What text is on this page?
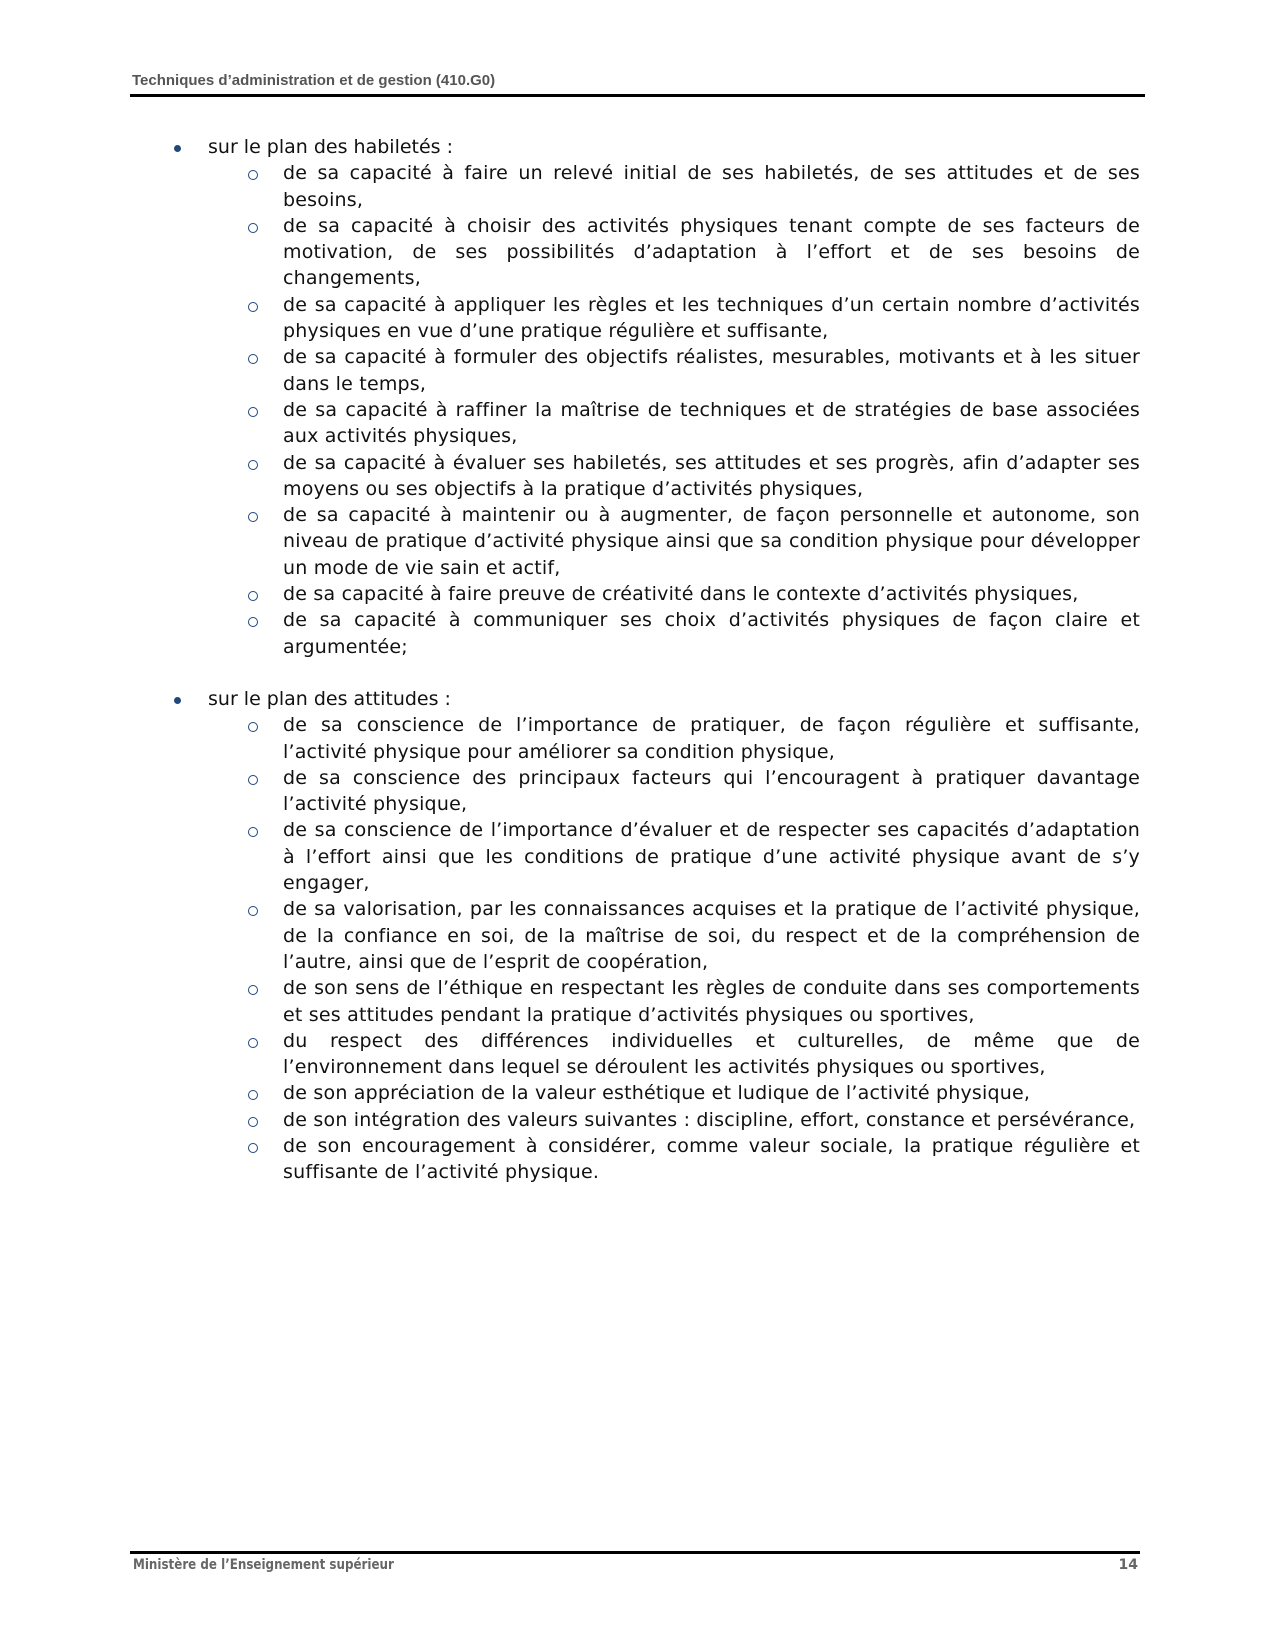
Techniques d’administration et de gestion (410.G0)
sur le plan des habiletés :
de sa capacité à faire un relevé initial de ses habiletés, de ses attitudes et de ses besoins,
de sa capacité à choisir des activités physiques tenant compte de ses facteurs de motivation, de ses possibilités d’adaptation à l’effort et de ses besoins de changements,
de sa capacité à appliquer les règles et les techniques d’un certain nombre d’activités physiques en vue d’une pratique régulière et suffisante,
de sa capacité à formuler des objectifs réalistes, mesurables, motivants et à les situer dans le temps,
de sa capacité à raffiner la maîtrise de techniques et de stratégies de base associées aux activités physiques,
de sa capacité à évaluer ses habiletés, ses attitudes et ses progrès, afin d’adapter ses moyens ou ses objectifs à la pratique d’activités physiques,
de sa capacité à maintenir ou à augmenter, de façon personnelle et autonome, son niveau de pratique d’activité physique ainsi que sa condition physique pour développer un mode de vie sain et actif,
de sa capacité à faire preuve de créativité dans le contexte d’activités physiques,
de sa capacité à communiquer ses choix d’activités physiques de façon claire et argumentée;
sur le plan des attitudes :
de sa conscience de l’importance de pratiquer, de façon régulière et suffisante, l’activité physique pour améliorer sa condition physique,
de sa conscience des principaux facteurs qui l’encouragent à pratiquer davantage l’activité physique,
de sa conscience de l’importance d’évaluer et de respecter ses capacités d’adaptation à l’effort ainsi que les conditions de pratique d’une activité physique avant de s’y engager,
de sa valorisation, par les connaissances acquises et la pratique de l’activité physique, de la confiance en soi, de la maîtrise de soi, du respect et de la compréhension de l’autre, ainsi que de l’esprit de coopération,
de son sens de l’éthique en respectant les règles de conduite dans ses comportements et ses attitudes pendant la pratique d’activités physiques ou sportives,
du respect des différences individuelles et culturelles, de même que de l’environnement dans lequel se déroulent les activités physiques ou sportives,
de son appréciation de la valeur esthétique et ludique de l’activité physique,
de son intégration des valeurs suivantes : discipline, effort, constance et persévérance,
de son encouragement à considérer, comme valeur sociale, la pratique régulière et suffisante de l’activité physique.
Ministère de l’Enseignement supérieur	14
